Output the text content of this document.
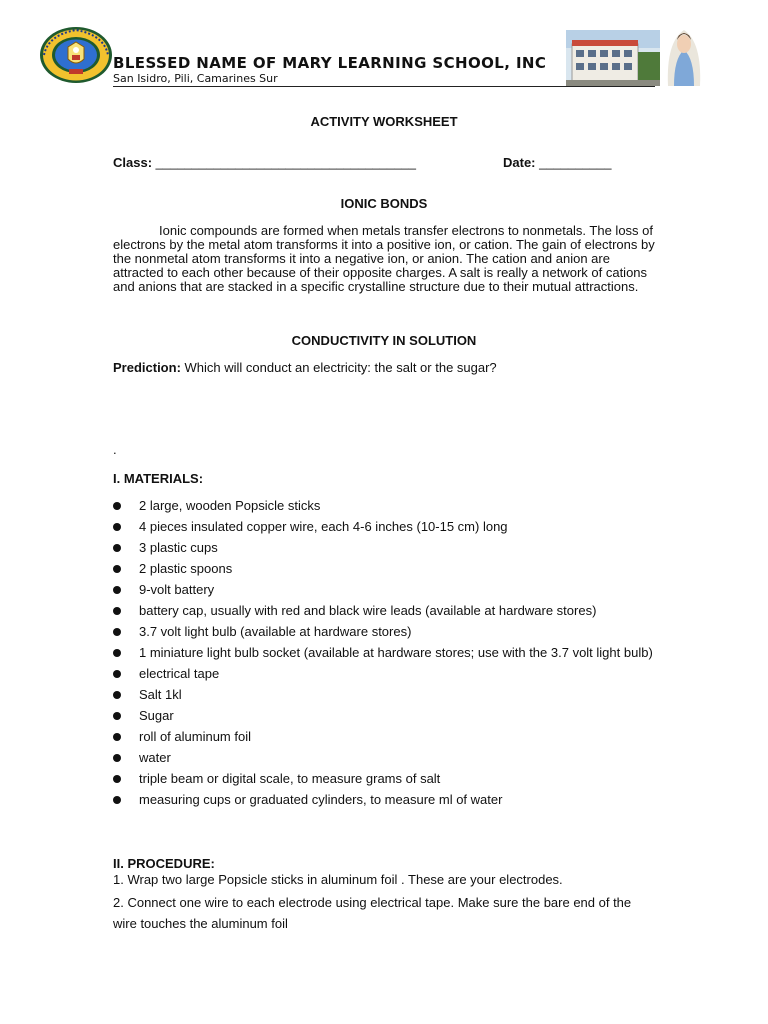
BLESSED NAME OF MARY LEARNING SCHOOL, INC
San Isidro, Pili, Camarines Sur
ACTIVITY WORKSHEET
Class: ____________________________________	Date: __________
IONIC BONDS
Ionic compounds are formed when metals transfer electrons to nonmetals. The loss of electrons by the metal atom transforms it into a positive ion, or cation. The gain of electrons by the nonmetal atom transforms it into a negative ion, or anion. The cation and anion are attracted to each other because of their opposite charges. A salt is really a network of cations and anions that are stacked in a specific crystalline structure due to their mutual attractions.
CONDUCTIVITY IN SOLUTION
Prediction: Which will conduct an electricity: the salt or the sugar?
.
I. MATERIALS:
2 large, wooden Popsicle sticks
4 pieces insulated copper wire, each 4-6 inches (10-15 cm) long
3 plastic cups
2 plastic spoons
9-volt battery
battery cap, usually with red and black wire leads (available at hardware stores)
3.7 volt light bulb (available at hardware stores)
1 miniature light bulb socket (available at hardware stores; use with the 3.7 volt light bulb)
electrical tape
Salt 1kl
Sugar
roll of aluminum foil
water
triple beam or digital scale, to measure grams of salt
measuring cups or graduated cylinders, to measure ml of water
II. PROCEDURE:
1. Wrap two large Popsicle sticks in aluminum foil . These are your electrodes.
2. Connect one wire to each electrode using electrical tape. Make sure the bare end of the wire touches the aluminum foil
